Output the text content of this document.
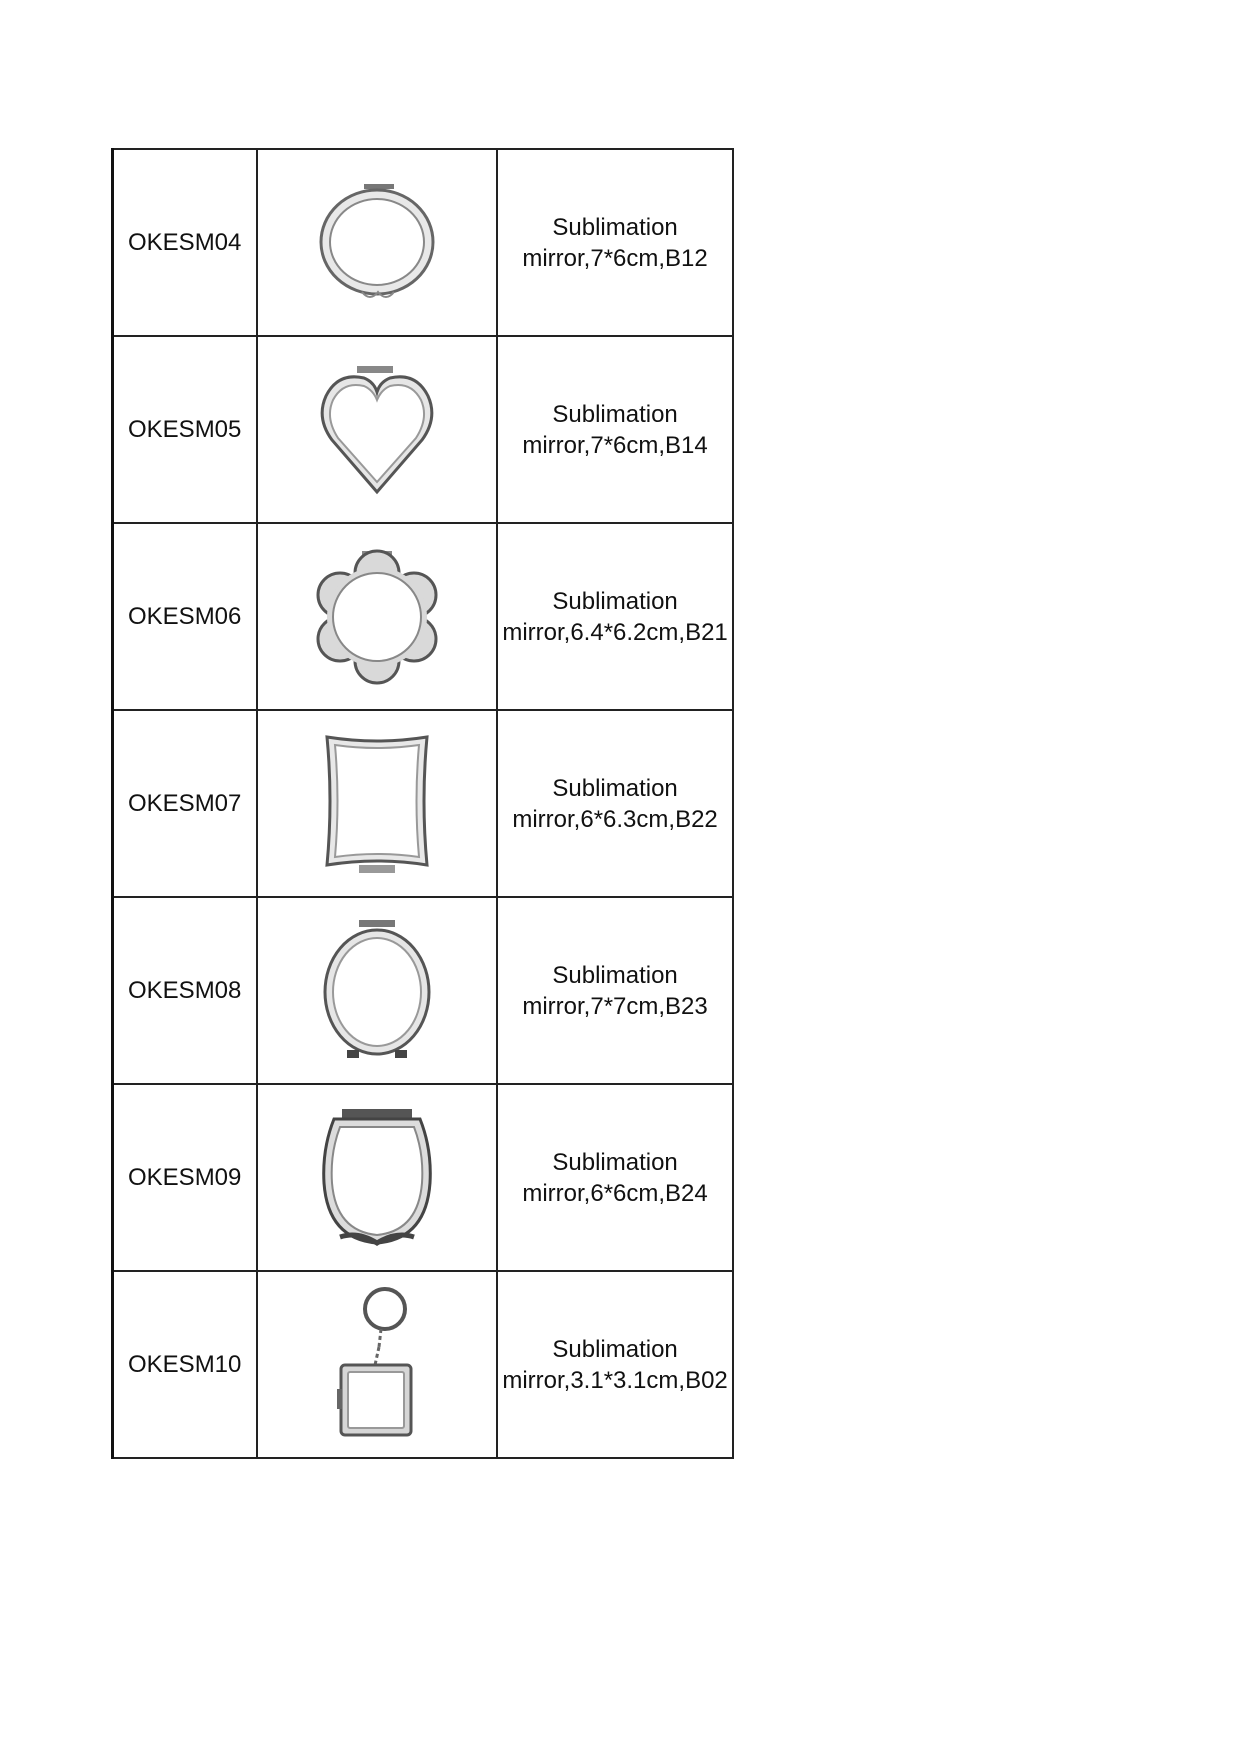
OKESM04		Sublimation
mirror,7*6cm,B12

OKESM05		Sublimation
mirror,7*6cm,B14

OKESM06		Sublimation
mirror,6.4*6.2cm,B21

OKESM07		Sublimation
mirror,6*6.3cm,B22

OKESM08		Sublimation
mirror,7*7cm,B23

OKESM09		Sublimation
mirror,6*6cm,B24

OKESM10		Sublimation
mirror,3.1*3.1cm,B02
